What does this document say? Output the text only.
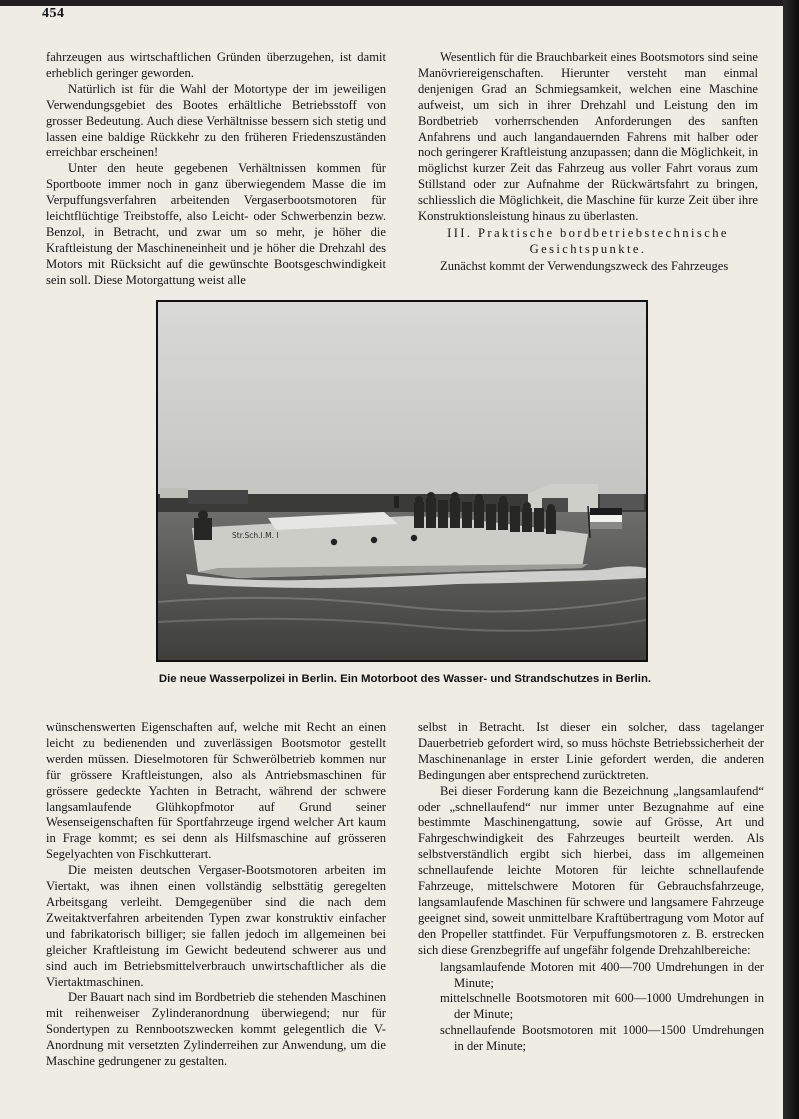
454

fahrzeugen aus wirtschaftlichen Gründen überzugehen, ist damit erheblich geringer geworden.

Natürlich ist für die Wahl der Motortype der im jeweiligen Verwendungsgebiet des Bootes erhältliche Betriebsstoff von grosser Bedeutung. Auch diese Verhältnisse bessern sich stetig und lassen eine baldige Rückkehr zu den früheren Friedenszuständen erreichbar erscheinen!

Unter den heute gegebenen Verhältnissen kommen für Sportboote immer noch in ganz überwiegendem Masse die im Verpuffungsverfahren arbeitenden Vergaserbootsmotoren für leichtflüchtige Treibstoffe, also Leicht- oder Schwerbenzin bezw. Benzol, in Betracht, und zwar um so mehr, je höher die Kraftleistung der Maschineneinheit und je höher die Drehzahl des Motors mit Rücksicht auf die gewünschte Bootsgeschwindigkeit sein soll. Diese Motorgattung weist alle

Wesentlich für die Brauchbarkeit eines Bootsmotors sind seine Manövriereigenschaften. Hierunter versteht man einmal denjenigen Grad an Schmiegsamkeit, welchen eine Maschine aufweist, um sich in ihrer Drehzahl und Leistung den im Bordbetrieb vorherrschenden Anforderungen des sanften Anfahrens und auch langandauernden Fahrens mit halber oder noch geringerer Kraftleistung anzupassen; dann die Möglichkeit, in möglichst kurzer Zeit das Fahrzeug aus voller Fahrt voraus zum Stillstand oder zur Aufnahme der Rückwärtsfahrt zu bringen, schliesslich die Möglichkeit, die Maschine für kurze Zeit über ihre Konstruktionsleistung hinaus zu überlasten.

III. Praktische bordbetriebstechnische
Gesichtspunkte.

Zunächst kommt der Verwendungszweck des Fahrzeuges

Str.Sch.I.M. I
Die neue Wasserpolizei in Berlin. Ein Motorboot des Wasser- und Strandschutzes in Berlin.

wünschenswerten Eigenschaften auf, welche mit Recht an einen leicht zu bedienenden und zuverlässigen Bootsmotor gestellt werden müssen. Dieselmotoren für Schwerölbetrieb kommen nur für grössere Kraftleistungen, also als Antriebsmaschinen für grössere gedeckte Yachten in Betracht, während der schwere langsamlaufende Glühkopfmotor auf Grund seiner Wesenseigenschaften für Sportfahrzeuge irgend welcher Art kaum in Frage kommt; es sei denn als Hilfsmaschine auf grösseren Segelyachten von Fischkutterart.

Die meisten deutschen Vergaser-Bootsmotoren arbeiten im Viertakt, was ihnen einen vollständig selbsttätig geregelten Arbeitsgang verleiht. Demgegenüber sind die nach dem Zweitaktverfahren arbeitenden Typen zwar konstruktiv einfacher und fabrikatorisch billiger; sie fallen jedoch im allgemeinen bei gleicher Kraftleistung im Gewicht bedeutend schwerer aus und sind auch im Betriebsmittelverbrauch unwirtschaftlicher als die Viertaktmaschinen.

Der Bauart nach sind im Bordbetrieb die stehenden Maschinen mit reihenweiser Zylinderanordnung überwiegend; nur für Sondertypen zu Rennbootszwecken kommt gelegentlich die V-Anordnung mit versetzten Zylinderreihen zur Anwendung, um die Maschine gedrungener zu gestalten.

selbst in Betracht. Ist dieser ein solcher, dass tagelanger Dauerbetrieb gefordert wird, so muss höchste Betriebssicherheit der Maschinenanlage in erster Linie gefordert werden, die anderen Bedingungen aber entsprechend zurücktreten.

Bei dieser Forderung kann die Bezeichnung „langsamlaufend“ oder „schnellaufend“ nur immer unter Bezugnahme auf eine bestimmte Maschinengattung, sowie auf Grösse, Art und Fahrgeschwindigkeit des Fahrzeuges beurteilt werden. Als selbstverständlich ergibt sich hierbei, dass im allgemeinen schnellaufende leichte Motoren für leichte schnellaufende Fahrzeuge, mittelschwere Motoren für Gebrauchsfahrzeuge, langsamlaufende Maschinen für schwere und langsamere Fahrzeuge geeignet sind, soweit unmittelbare Kraftübertragung vom Motor auf den Propeller stattfindet. Für Verpuffungsmotoren z. B. erstrecken sich diese Grenzbegriffe auf ungefähr folgende Drehzahlbereiche:

langsamlaufende Motoren mit 400—700 Umdrehungen in der Minute;
mittelschnelle Bootsmotoren mit 600—1000 Umdrehungen in der Minute;
schnellaufende Bootsmotoren mit 1000—1500 Umdrehungen in der Minute;
